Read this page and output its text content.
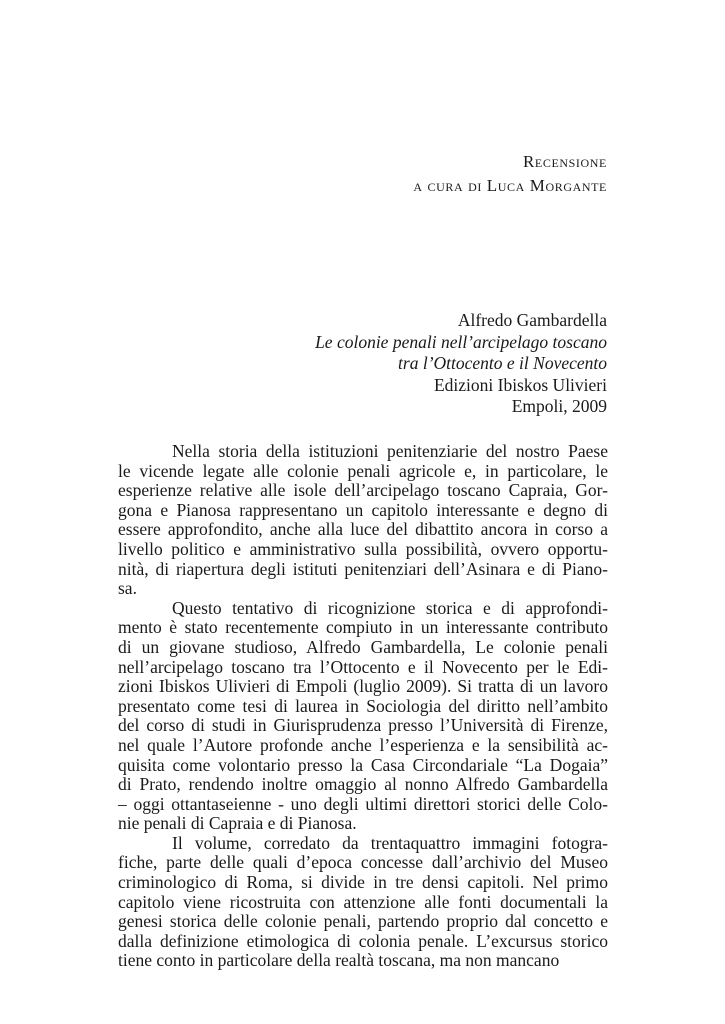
Recensione
a cura di Luca Morgante
Alfredo Gambardella
Le colonie penali nell’arcipelago toscano
tra l’Ottocento e il Novecento
Edizioni Ibiskos Ulivieri
Empoli, 2009

Nella storia della istituzioni penitenziarie del nostro Paese
le vicende legate alle colonie penali agricole e, in particolare, le
esperienze relative alle isole dell’arcipelago toscano Capraia, Gor-
gona e Pianosa rappresentano un capitolo interessante e degno di
essere approfondito, anche alla luce del dibattito ancora in corso a
livello politico e amministrativo sulla possibilità, ovvero opportu-
nità, di riapertura degli istituti penitenziari dell’Asinara e di Piano-
sa.

Questo tentativo di ricognizione storica e di approfondi-
mento è stato recentemente compiuto in un interessante contributo
di un giovane studioso, Alfredo Gambardella, Le colonie penali
nell’arcipelago toscano tra l’Ottocento e il Novecento per le Edi-
zioni Ibiskos Ulivieri di Empoli (luglio 2009). Si tratta di un lavoro
presentato come tesi di laurea in Sociologia del diritto nell’ambito
del corso di studi in Giurisprudenza presso l’Università di Firenze,
nel quale l’Autore profonde anche l’esperienza e la sensibilità ac-
quisita come volontario presso la Casa Circondariale “La Dogaia”
di Prato, rendendo inoltre omaggio al nonno Alfredo Gambardella
– oggi ottantaseienne - uno degli ultimi direttori storici delle Colo-
nie penali di Capraia e di Pianosa.

Il volume, corredato da trentaquattro immagini fotogra-
fiche, parte delle quali d’epoca concesse dall’archivio del Museo
criminologico di Roma, si divide in tre densi capitoli. Nel primo
capitolo viene ricostruita con attenzione alle fonti documentali la
genesi storica delle colonie penali, partendo proprio dal concetto e
dalla definizione etimologica di colonia penale. L’excursus storico
tiene conto in particolare della realtà toscana, ma non mancano
